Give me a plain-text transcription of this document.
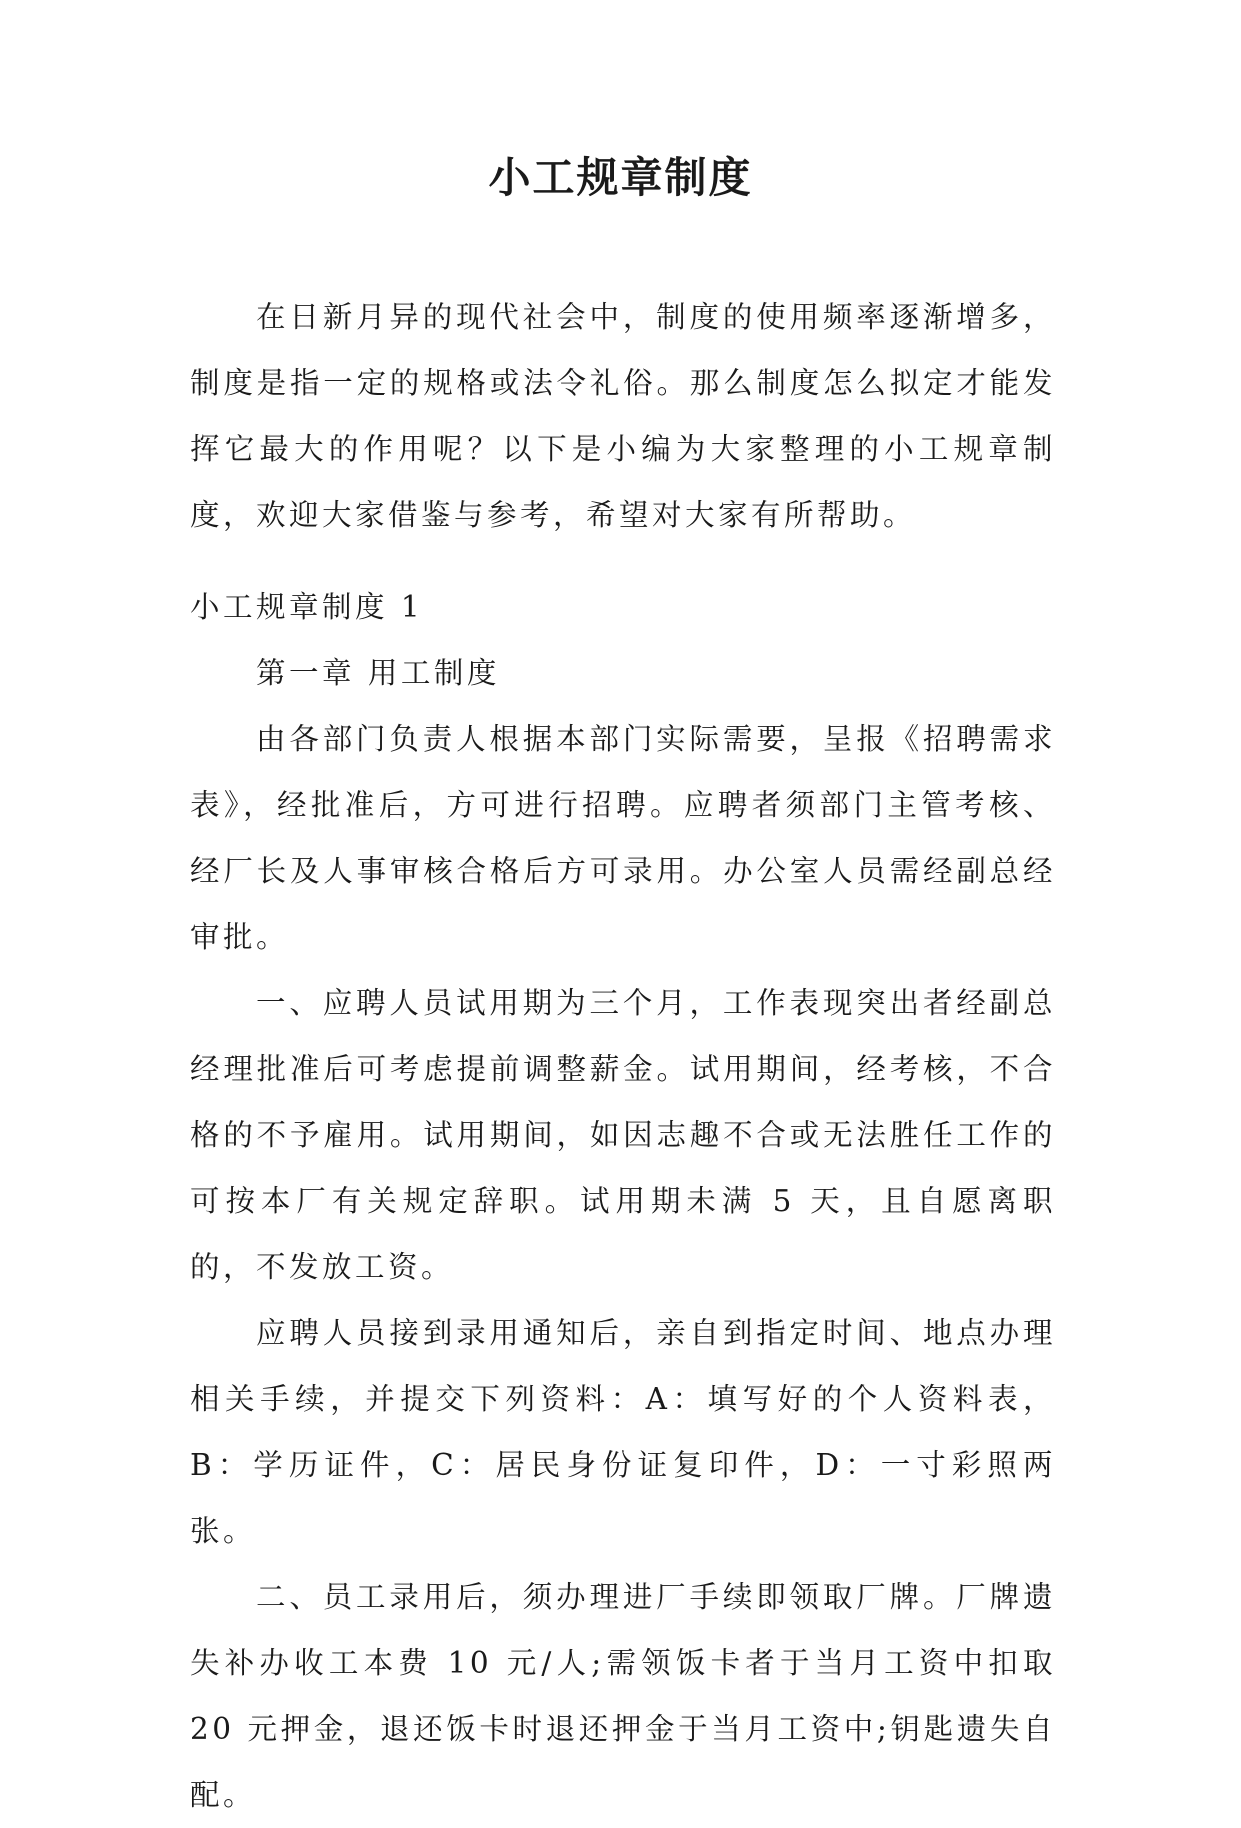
小工规章制度

在日新月异的现代社会中，制度的使用频率逐渐增多，制度是指一定的规格或法令礼俗。那么制度怎么拟定才能发挥它最大的作用呢？以下是小编为大家整理的小工规章制度，欢迎大家借鉴与参考，希望对大家有所帮助。

小工规章制度 1

第一章 用工制度

由各部门负责人根据本部门实际需要，呈报《招聘需求表》，经批准后，方可进行招聘。应聘者须部门主管考核、经厂长及人事审核合格后方可录用。办公室人员需经副总经审批。

一、应聘人员试用期为三个月，工作表现突出者经副总经理批准后可考虑提前调整薪金。试用期间，经考核，不合格的不予雇用。试用期间，如因志趣不合或无法胜任工作的可按本厂有关规定辞职。试用期未满 5 天，且自愿离职的，不发放工资。

应聘人员接到录用通知后，亲自到指定时间、地点办理相关手续，并提交下列资料：A：填写好的个人资料表，B：学历证件，C：居民身份证复印件，D：一寸彩照两张。

二、员工录用后，须办理进厂手续即领取厂牌。厂牌遗失补办收工本费 10 元/人;需领饭卡者于当月工资中扣取 20 元押金，退还饭卡时退还押金于当月工资中;钥匙遗失自配。
